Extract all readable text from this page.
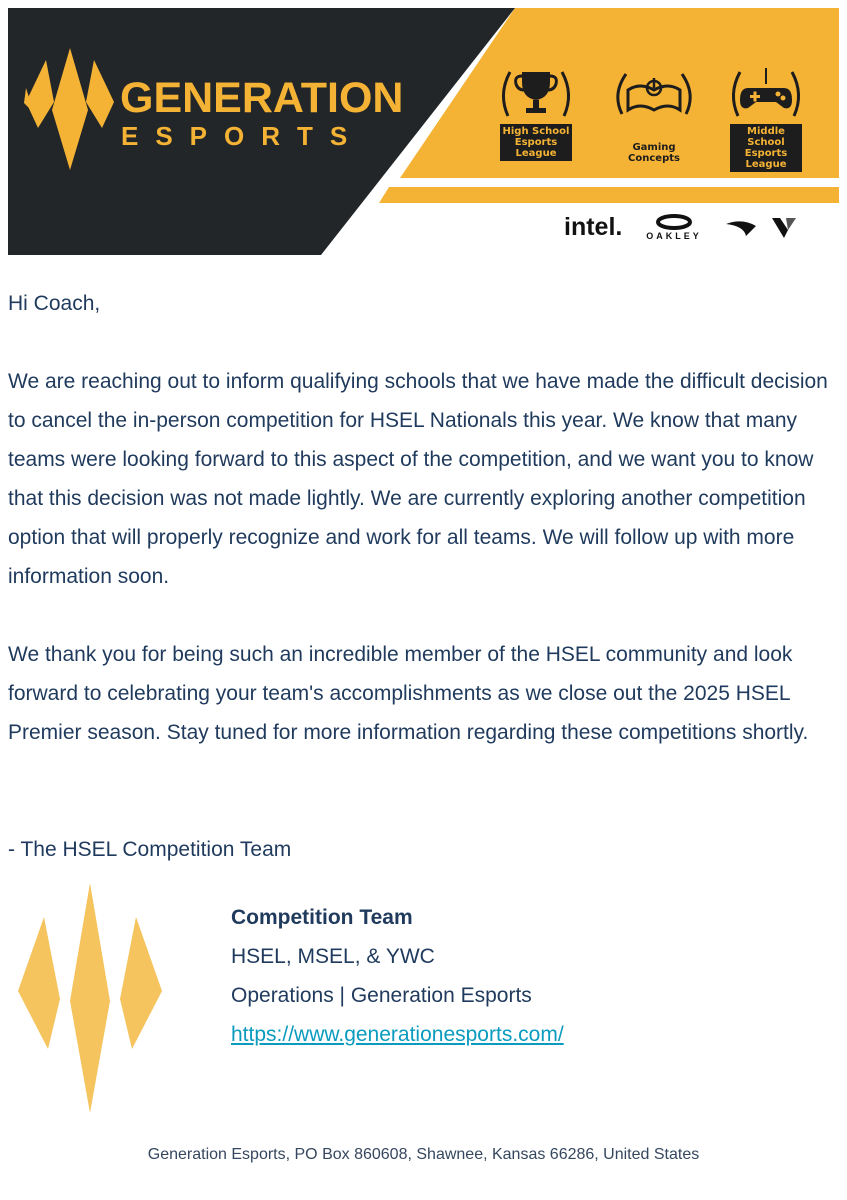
GENERATION
ESPORTS	High School
Esports League
Gaming Concepts
Middle School
Esports League
intel.	OAKLEY

Hi Coach,

We are reaching out to inform qualifying schools that we have made the difficult decision to cancel the in-person competition for HSEL Nationals this year. We know that many teams were looking forward to this aspect of the competition, and we want you to know that this decision was not made lightly. We are currently exploring another competition option that will properly recognize and work for all teams. We will follow up with more information soon.

We thank you for being such an incredible member of the HSEL community and look forward to celebrating your team's accomplishments as we close out the 2025 HSEL Premier season. Stay tuned for more information regarding these competitions shortly.

- The HSEL Competition Team

Competition Team
HSEL, MSEL, & YWC
Operations | Generation Esports
https://www.generationesports.com/
Generation Esports, PO Box 860608, Shawnee, Kansas 66286, United States
